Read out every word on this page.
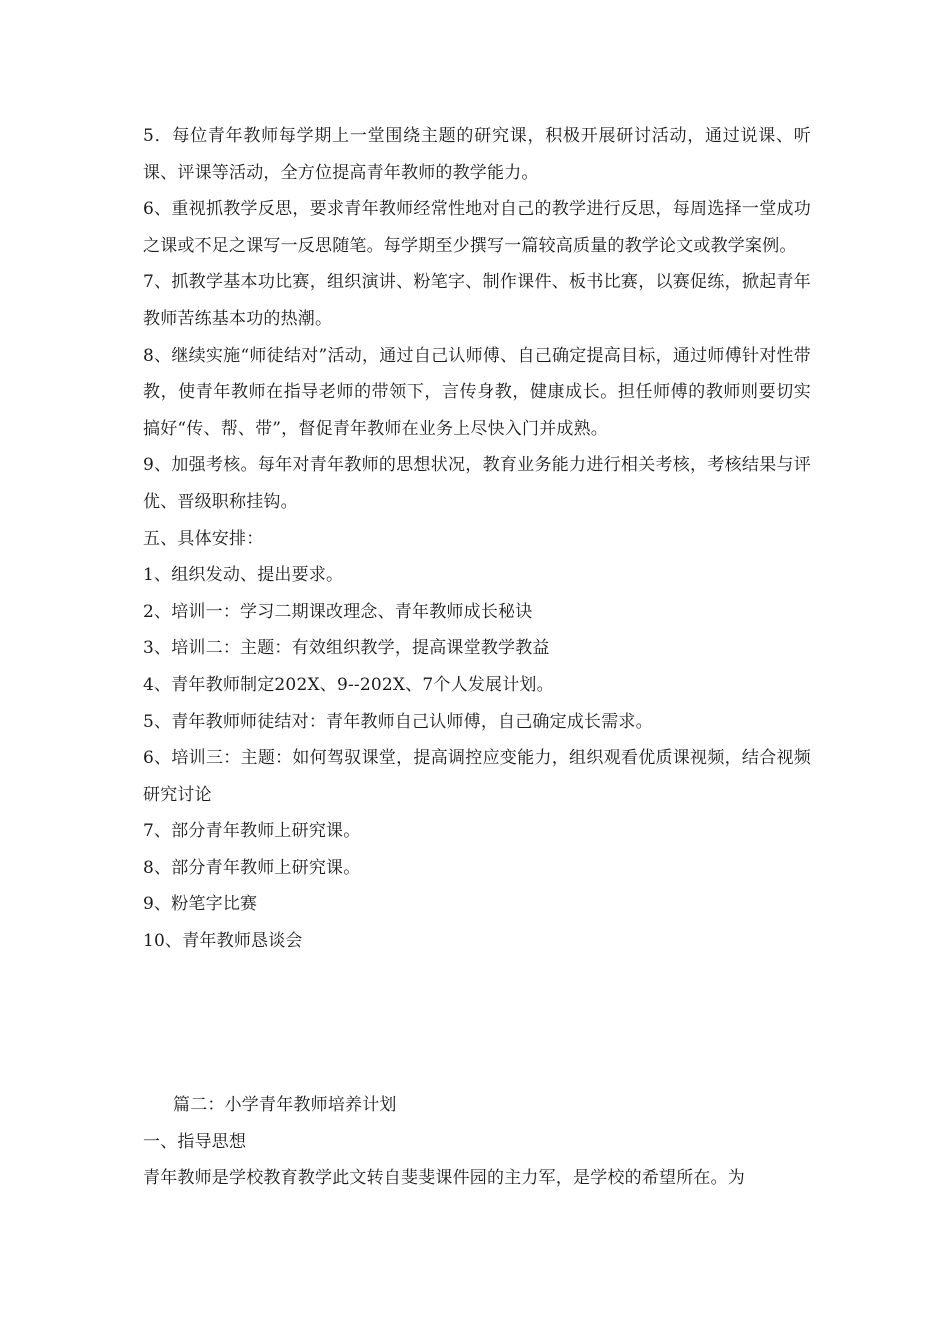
5．每位青年教师每学期上一堂围绕主题的研究课，积极开展研讨活动，通过说课、听课、评课等活动，全方位提高青年教师的教学能力。

6、重视抓教学反思，要求青年教师经常性地对自己的教学进行反思，每周选择一堂成功之课或不足之课写一反思随笔。每学期至少撰写一篇较高质量的教学论文或教学案例。

7、抓教学基本功比赛，组织演讲、粉笔字、制作课件、板书比赛，以赛促练，掀起青年教师苦练基本功的热潮。

8、继续实施“师徒结对”活动，通过自己认师傅、自己确定提高目标，通过师傅针对性带教，使青年教师在指导老师的带领下，言传身教，健康成长。担任师傅的教师则要切实搞好“传、帮、带”，督促青年教师在业务上尽快入门并成熟。

9、加强考核。每年对青年教师的思想状况，教育业务能力进行相关考核，考核结果与评优、晋级职称挂钩。

五、具体安排：

1、组织发动、提出要求。

2、培训一：学习二期课改理念、青年教师成长秘诀

3、培训二：主题：有效组织教学，提高课堂教学教益

4、青年教师制定202X、9--202X、7个人发展计划。

5、青年教师师徒结对：青年教师自己认师傅，自己确定成长需求。

6、培训三：主题：如何驾驭课堂，提高调控应变能力，组织观看优质课视频，结合视频研究讨论

7、部分青年教师上研究课。

8、部分青年教师上研究课。

9、粉笔字比赛

10、青年教师恳谈会

篇二：小学青年教师培养计划

一、指导思想

青年教师是学校教育教学此文转自斐斐课件园的主力军，是学校的希望所在。为
